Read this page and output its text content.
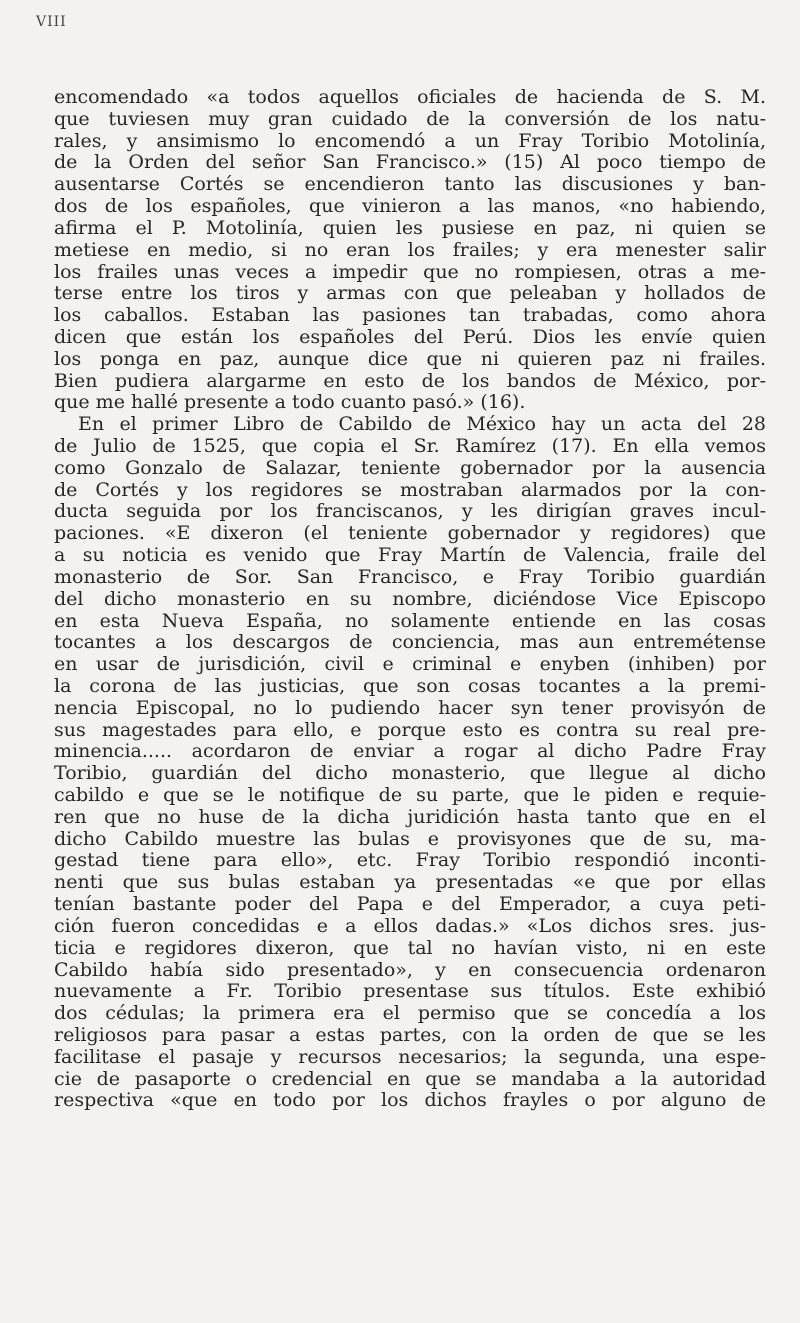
VIII
encomendado «a todos aquellos oficiales de hacienda de S. M.
que tuviesen muy gran cuidado de la conversión de los natu-
rales, y ansimismo lo encomendó a un Fray Toribio Motolinía,
de la Orden del señor San Francisco.» (15) Al poco tiempo de
ausentarse Cortés se encendieron tanto las discusiones y ban-
dos de los españoles, que vinieron a las manos, «no habiendo,
afirma el P. Motolinía, quien les pusiese en paz, ni quien se
metiese en medio, si no eran los frailes; y era menester salir
los frailes unas veces a impedir que no rompiesen, otras a me-
terse entre los tiros y armas con que peleaban y hollados de
los caballos. Estaban las pasiones tan trabadas, como ahora
dicen que están los españoles del Perú. Dios les envíe quien
los ponga en paz, aunque dice que ni quieren paz ni frailes.
Bien pudiera alargarme en esto de los bandos de México, por-
que me hallé presente a todo cuanto pasó.» (16).
En el primer Libro de Cabildo de México hay un acta del 28
de Julio de 1525, que copia el Sr. Ramírez (17). En ella vemos
como Gonzalo de Salazar, teniente gobernador por la ausencia
de Cortés y los regidores se mostraban alarmados por la con-
ducta seguida por los franciscanos, y les dirigían graves incul-
paciones. «E dixeron (el teniente gobernador y regidores) que
a su noticia es venido que Fray Martín de Valencia, fraile del
monasterio de Sor. San Francisco, e Fray Toribio guardián
del dicho monasterio en su nombre, diciéndose Vice Episcopo
en esta Nueva España, no solamente entiende en las cosas
tocantes a los descargos de conciencia, mas aun entremétense
en usar de jurisdición, civil e criminal e enyben (inhiben) por
la corona de las justicias, que son cosas tocantes a la premi-
nencia Episcopal, no lo pudiendo hacer syn tener provisyón de
sus magestades para ello, e porque esto es contra su real pre-
minencia..... acordaron de enviar a rogar al dicho Padre Fray
Toribio, guardián del dicho monasterio, que llegue al dicho
cabildo e que se le notifique de su parte, que le piden e requie-
ren que no huse de la dicha juridición hasta tanto que en el
dicho Cabildo muestre las bulas e provisyones que de su, ma-
gestad tiene para ello», etc. Fray Toribio respondió inconti-
nenti que sus bulas estaban ya presentadas «e que por ellas
tenían bastante poder del Papa e del Emperador, a cuya peti-
ción fueron concedidas e a ellos dadas.» «Los dichos sres. jus-
ticia e regidores dixeron, que tal no havían visto, ni en este
Cabildo había sido presentado», y en consecuencia ordenaron
nuevamente a Fr. Toribio presentase sus títulos. Este exhibió
dos cédulas; la primera era el permiso que se concedía a los
religiosos para pasar a estas partes, con la orden de que se les
facilitase el pasaje y recursos necesarios; la segunda, una espe-
cie de pasaporte o credencial en que se mandaba a la autoridad
respectiva «que en todo por los dichos frayles o por alguno de
